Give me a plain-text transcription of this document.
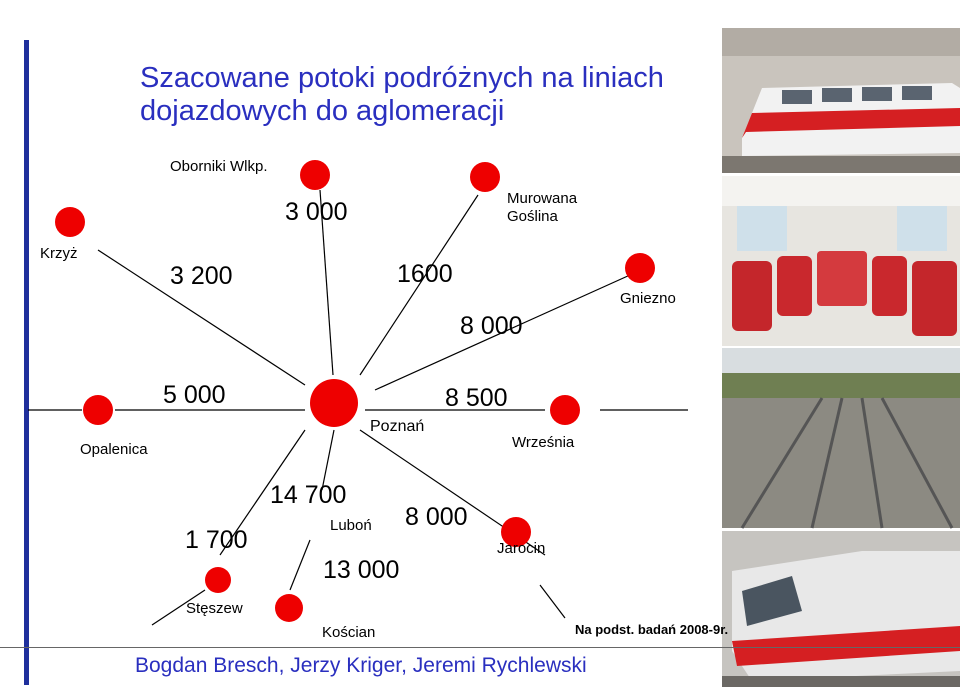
Szacowane potoki podróżnych na liniach dojazdowych do aglomeracji
Oborniki Wlkp.
Krzyż
Murowana Goślina
Gniezno
Opalenica
Poznań
Września
Stęszew
Luboń
Kościan
Jarocin
3 000
3 200	1600
8 000
5 000	8 500
14 700
1 700
13 000
8 000
Na podst. badań 2008-9r.
Bogdan Bresch, Jerzy Kriger, Jeremi Rychlewski
